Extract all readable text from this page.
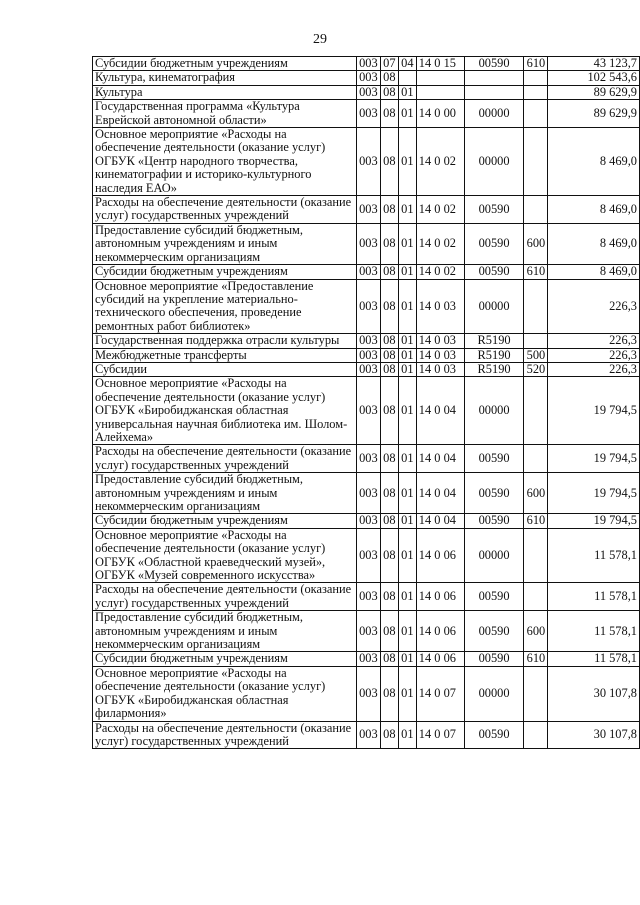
29
Субсидии бюджетным учреждениям	003	07	04	14 0 15	00590	610	43 123,7
Культура, кинематография	003	08					102 543,6
Культура	003	08	01				89 629,9
Государственная программа «Культура Еврейской автономной области»	003	08	01	14 0 00	00000		89 629,9
Основное мероприятие «Расходы на обеспечение деятельности (оказание услуг) ОГБУК «Центр народного творчества, кинематографии и историко-культурного наследия ЕАО»	003	08	01	14 0 02	00000		8 469,0
Расходы на обеспечение деятельности (оказание услуг) государственных учреждений	003	08	01	14 0 02	00590		8 469,0
Предоставление субсидий бюджетным, автономным учреждениям и иным некоммерческим организациям	003	08	01	14 0 02	00590	600	8 469,0
Субсидии бюджетным учреждениям	003	08	01	14 0 02	00590	610	8 469,0
Основное мероприятие «Предоставление субсидий на укрепление материально-технического обеспечения, проведение ремонтных работ библиотек»	003	08	01	14 0 03	00000		226,3
Государственная поддержка отрасли культуры	003	08	01	14 0 03	R5190		226,3
Межбюджетные трансферты	003	08	01	14 0 03	R5190	500	226,3
Субсидии	003	08	01	14 0 03	R5190	520	226,3
Основное мероприятие «Расходы на обеспечение деятельности (оказание услуг) ОГБУК «Биробиджанская областная универсальная научная библиотека им. Шолом-Алейхема»	003	08	01	14 0 04	00000		19 794,5
Расходы на обеспечение деятельности (оказание услуг) государственных учреждений	003	08	01	14 0 04	00590		19 794,5
Предоставление субсидий бюджетным, автономным учреждениям и иным некоммерческим организациям	003	08	01	14 0 04	00590	600	19 794,5
Субсидии бюджетным учреждениям	003	08	01	14 0 04	00590	610	19 794,5
Основное мероприятие «Расходы на обеспечение деятельности (оказание услуг) ОГБУК «Областной краеведческий музей», ОГБУК «Музей современного искусства»	003	08	01	14 0 06	00000		11 578,1
Расходы на обеспечение деятельности (оказание услуг) государственных учреждений	003	08	01	14 0 06	00590		11 578,1
Предоставление субсидий бюджетным, автономным учреждениям и иным некоммерческим организациям	003	08	01	14 0 06	00590	600	11 578,1
Субсидии бюджетным учреждениям	003	08	01	14 0 06	00590	610	11 578,1
Основное мероприятие «Расходы на обеспечение деятельности (оказание услуг) ОГБУК «Биробиджанская областная филармония»	003	08	01	14 0 07	00000		30 107,8
Расходы на обеспечение деятельности (оказание услуг) государственных учреждений	003	08	01	14 0 07	00590		30 107,8
